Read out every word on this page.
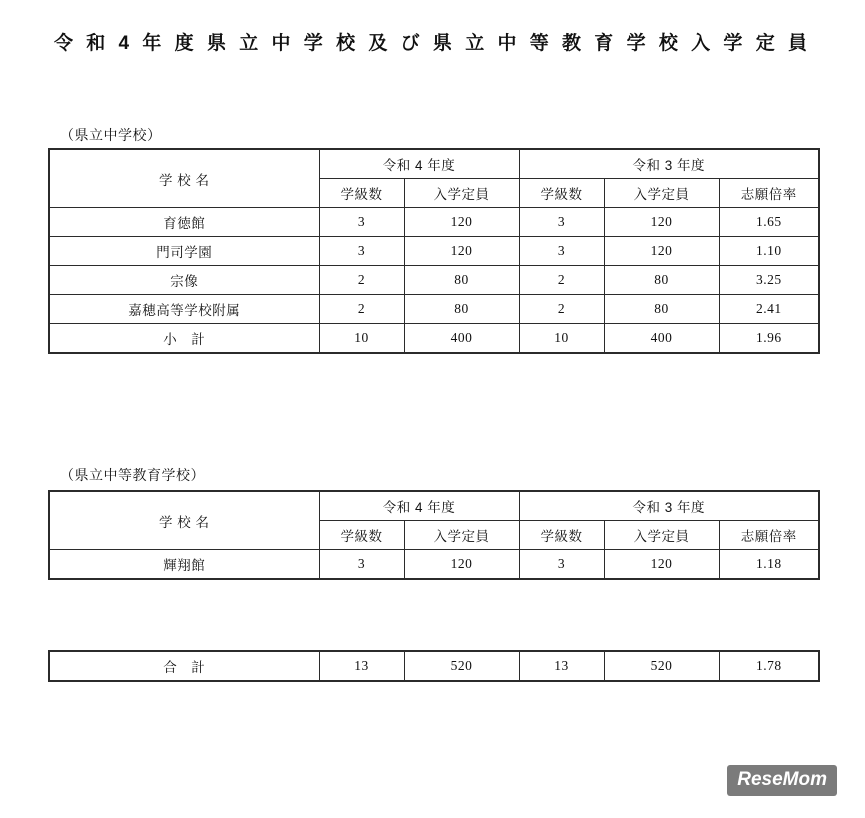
令 和 4 年 度 県 立 中 学 校 及 び 県 立 中 等 教 育 学 校 入 学 定 員
（県立中学校）
学 校 名	令和 4 年度		令和 3 年度		
	学級数	入学定員	学級数	入学定員	志願倍率
育徳館	3	120	3	120	1.65
門司学園	3	120	3	120	1.10
宗像	2	80	2	80	3.25
嘉穂高等学校附属	2	80	2	80	2.41
小　計	10	400	10	400	1.96
（県立中等教育学校）
学 校 名	令和 4 年度		令和 3 年度		
	学級数	入学定員	学級数	入学定員	志願倍率
輝翔館	3	120	3	120	1.18
合　計	13	520	13	520	1.78
ReseMom
